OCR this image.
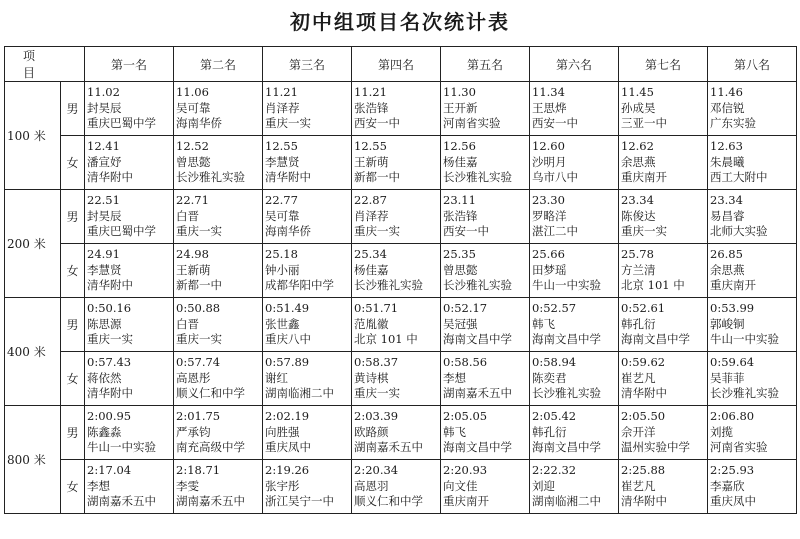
初中组项目名次统计表
项 目		第一名	第二名	第三名	第四名	第五名	第六名	第七名	第八名
100 米	男	11.02
封昊辰
重庆巴蜀中学	11.06
吴可靠
海南华侨	11.21
肖泽荐
重庆一实	11.21
张浩锋
西安一中	11.30
王开新
河南省实验	11.34
王思烨
西安一中	11.45
孙成昊
三亚一中	11.46
邓信锐
广东实验

	女	12.41
潘宣妤
清华附中	12.52
曾思懿
长沙雅礼实验	12.55
李慧贤
清华附中	12.55
王新萌
新都一中	12.56
杨佳嘉
长沙雅礼实验	12.60
沙明月
乌市八中	12.62
余思燕
重庆南开	12.63
朱晨曦
西工大附中

200 米	男	22.51
封昊辰
重庆巴蜀中学	22.71
白晋
重庆一实	22.77
吴可靠
海南华侨	22.87
肖泽荐
重庆一实	23.11
张浩锋
西安一中	23.30
罗略洋
湛江二中	23.34
陈俊达
重庆一实	23.34
易昌睿
北师大实验

	女	24.91
李慧贤
清华附中	24.98
王新萌
新都一中	25.18
钟小丽
成都华阳中学	25.34
杨佳嘉
长沙雅礼实验	25.35
曾思懿
长沙雅礼实验	25.66
田梦瑶
牛山一中实验	25.78
方兰清
北京 101 中	26.85
余思燕
重庆南开

400 米	男	0:50.16
陈思源
重庆一实	0:50.88
白晋
重庆一实	0:51.49
张世鑫
重庆八中	0:51.71
范胤徽
北京 101 中	0:52.17
吴冠强
海南文昌中学	0:52.57
韩飞
海南文昌中学	0:52.61
韩孔衍
海南文昌中学	0:53.99
郭峻铜
牛山一中实验

	女	0:57.43
蒋依然
清华附中	0:57.74
高恩彤
顺义仁和中学	0:57.89
谢红
湖南临湘二中	0:58.37
黄诗棋
重庆一实	0:58.56
李想
湖南嘉禾五中	0:58.94
陈奕君
长沙雅礼实验	0:59.62
崔艺凡
清华附中	0:59.64
吴菲菲
长沙雅礼实验

800 米	男	2:00.95
陈鑫淼
牛山一中实验	2:01.75
严承钧
南充高级中学	2:02.19
向胜强
重庆凤中	2:03.39
欧路颜
湖南嘉禾五中	2:05.05
韩飞
海南文昌中学	2:05.42
韩孔衍
海南文昌中学	2:05.50
佘开洋
温州实验中学	2:06.80
刘揽
河南省实验

	女	2:17.04
李想
湖南嘉禾五中	2:18.71
李雯
湖南嘉禾五中	2:19.26
张宇彤
浙江吴宁一中	2:20.34
高恩羽
顺义仁和中学	2:20.93
向文佳
重庆南开	2:22.32
刘迎
湖南临湘二中	2:25.88
崔艺凡
清华附中	2:25.93
李嘉欣
重庆凤中
